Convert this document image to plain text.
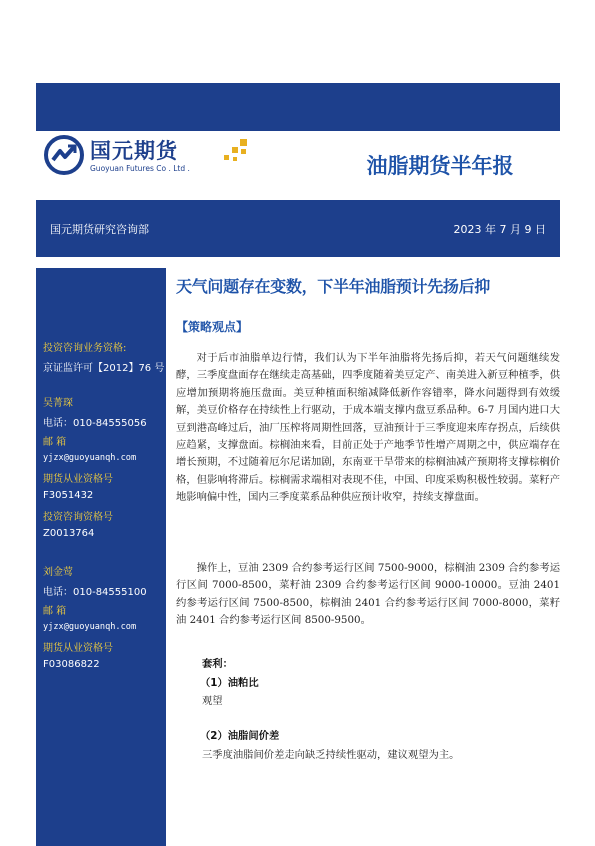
国元期货
Guoyuan Futures Co . Ltd .	油脂期货半年报
国元期货研究咨询部	2023 年 7 月 9 日
投资咨询业务资格:
京证监许可【2012】76 号
吴菁琛
电话：010-84555056
邮 箱
yjzx@guoyuanqh.com
期货从业资格号
F3051432
投资咨询资格号
Z0013764
刘金莺
电话：010-84555100
邮 箱
yjzx@guoyuanqh.com
期货从业资格号
F03086822
天气问题存在变数，下半年油脂预计先扬后抑
【策略观点】

对于后市油脂单边行情，我们认为下半年油脂将先扬后抑，若天气问题继续发酵，三季度盘面存在继续走高基础，四季度随着美豆定产、南美进入新豆种植季，供应增加预期将施压盘面。美豆种植面积缩减降低新作容错率，降水问题得到有效缓解，美豆价格存在持续性上行驱动，于成本端支撑内盘豆系品种。6-7 月国内进口大豆到港高峰过后，油厂压榨将周期性回落，豆油预计于三季度迎来库存拐点，后续供应趋紧，支撑盘面。棕榈油来看，目前正处于产地季节性增产周期之中，供应端存在增长预期，不过随着厄尔尼诺加剧，东南亚干旱带来的棕榈油减产预期将支撑棕榈价格，但影响将滞后。棕榈需求端相对表现不佳，中国、印度采购积极性较弱。菜籽产地影响偏中性，国内三季度菜系品种供应预计收窄，持续支撑盘面。

操作上，豆油 2309 合约参考运行区间 7500-9000，棕榈油 2309 合约参考运行区间 7000-8500，菜籽油 2309 合约参考运行区间 9000-10000。豆油 2401 约参考运行区间 7500-8500，棕榈油 2401 合约参考运行区间 7000-8000，菜籽油 2401 合约参考运行区间 8500-9500。

套利：
（1）油粕比
观望
（2）油脂间价差
三季度油脂间价差走向缺乏持续性驱动，建议观望为主。
